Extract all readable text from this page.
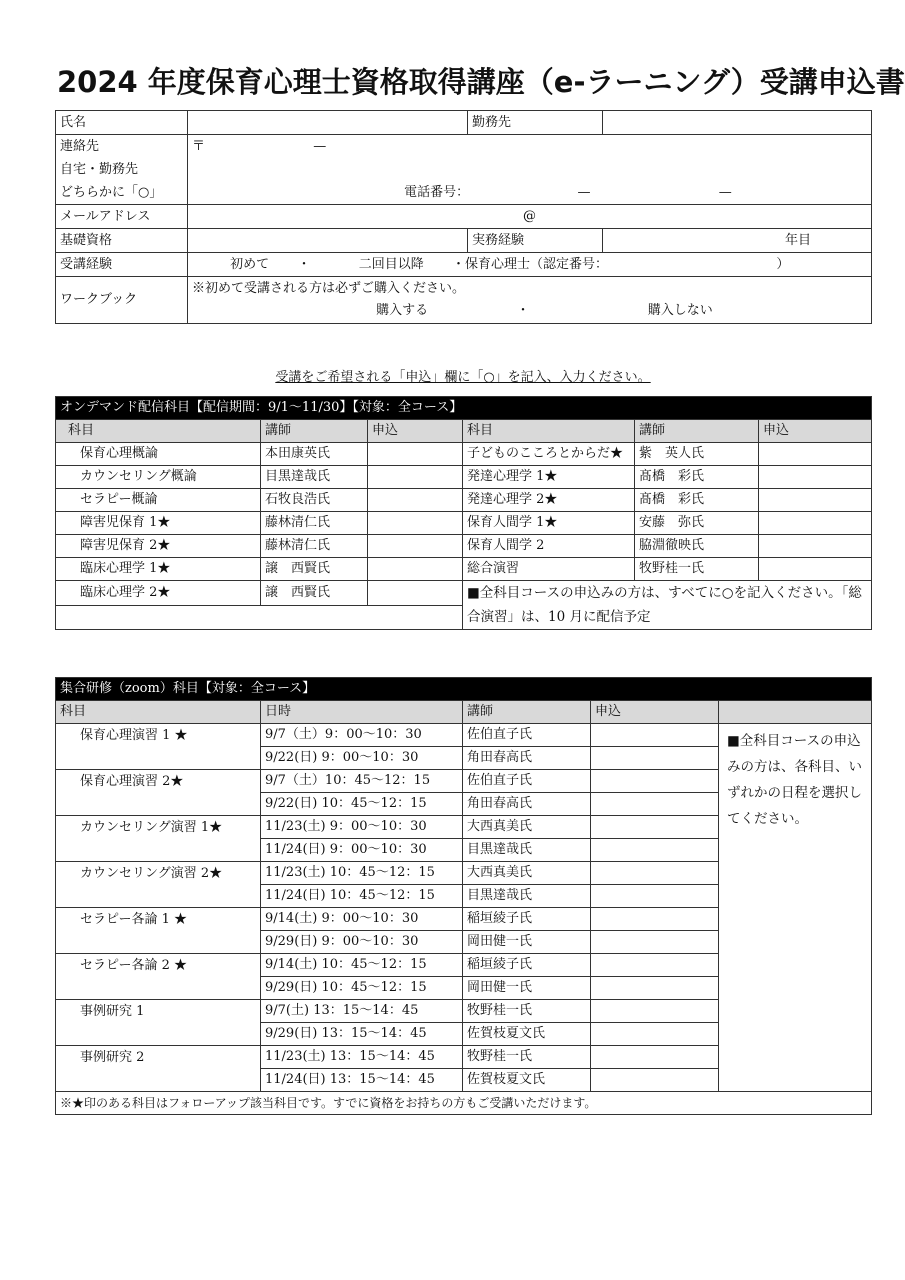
2024 年度保育心理士資格取得講座（e-ラーニング）受講申込書
氏名		勤務先	
連絡先	〒 —		
自宅・勤務先			
どちらかに「○」	電話番号： — —		
メールアドレス	@		
基礎資格		実務経験	年目
受講経験	初めて ・ 二回目以降 ・保育心理士（認定番号： ）		
ワークブック	※初めて受講される方は必ずご購入ください。
購入する ・ 購入しない		
受講をご希望される「申込」欄に「○」を記入、入力ください。
オンデマンド配信科目【配信期間：9/1～11/30】【対象：全コース】					
科目	講師	申込	科目	講師	申込
保育心理概論	本田康英氏		子どものこころとからだ★	紫　英人氏	
カウンセリング概論	目黒達哉氏		発達心理学 1★	髙橋　彩氏	
セラピー概論	石牧良浩氏		発達心理学 2★	髙橋　彩氏	
障害児保育 1★	藤林清仁氏		保育人間学 1★	安藤　弥氏	
障害児保育 2★	藤林清仁氏		保育人間学 2	脇淵徹映氏	
臨床心理学 1★	譲　西賢氏		総合演習	牧野桂一氏	
臨床心理学 2★	譲　西賢氏		■全科目コースの申込みの方は、すべてに○を記入ください。「総合演習」は、10 月に配信予定		

集合研修（zoom）科目【対象：全コース】				
科目	日時	講師	申込	
保育心理演習 1 ★	9/7（土）9：00～10：30	佐伯直子氏		■全科目コースの申込みの方は、各科目、いずれかの日程を選択してください。
	9/22(日) 9：00～10：30	角田春高氏		
保育心理演習 2★	9/7（土）10：45～12：15	佐伯直子氏		
	9/22(日) 10：45～12：15	角田春高氏		
カウンセリング演習 1★	11/23(土) 9：00～10：30	大西真美氏		
	11/24(日) 9：00～10：30	目黒達哉氏		
カウンセリング演習 2★	11/23(土) 10：45～12：15	大西真美氏		
	11/24(日) 10：45～12：15	目黒達哉氏		
セラピー各論 1 ★	9/14(土) 9：00～10：30	稲垣綾子氏		
	9/29(日) 9：00～10：30	岡田健一氏		
セラピー各論 2 ★	9/14(土) 10：45～12：15	稲垣綾子氏		
	9/29(日) 10：45～12：15	岡田健一氏		
事例研究 1	9/7(土) 13：15～14：45	牧野桂一氏		
	9/29(日) 13：15～14：45	佐賀枝夏文氏		
事例研究 2	11/23(土) 13：15～14：45	牧野桂一氏		
	11/24(日) 13：15～14：45	佐賀枝夏文氏		
※★印のある科目はフォローアップ該当科目です。すでに資格をお持ちの方もご受講いただけます。				
